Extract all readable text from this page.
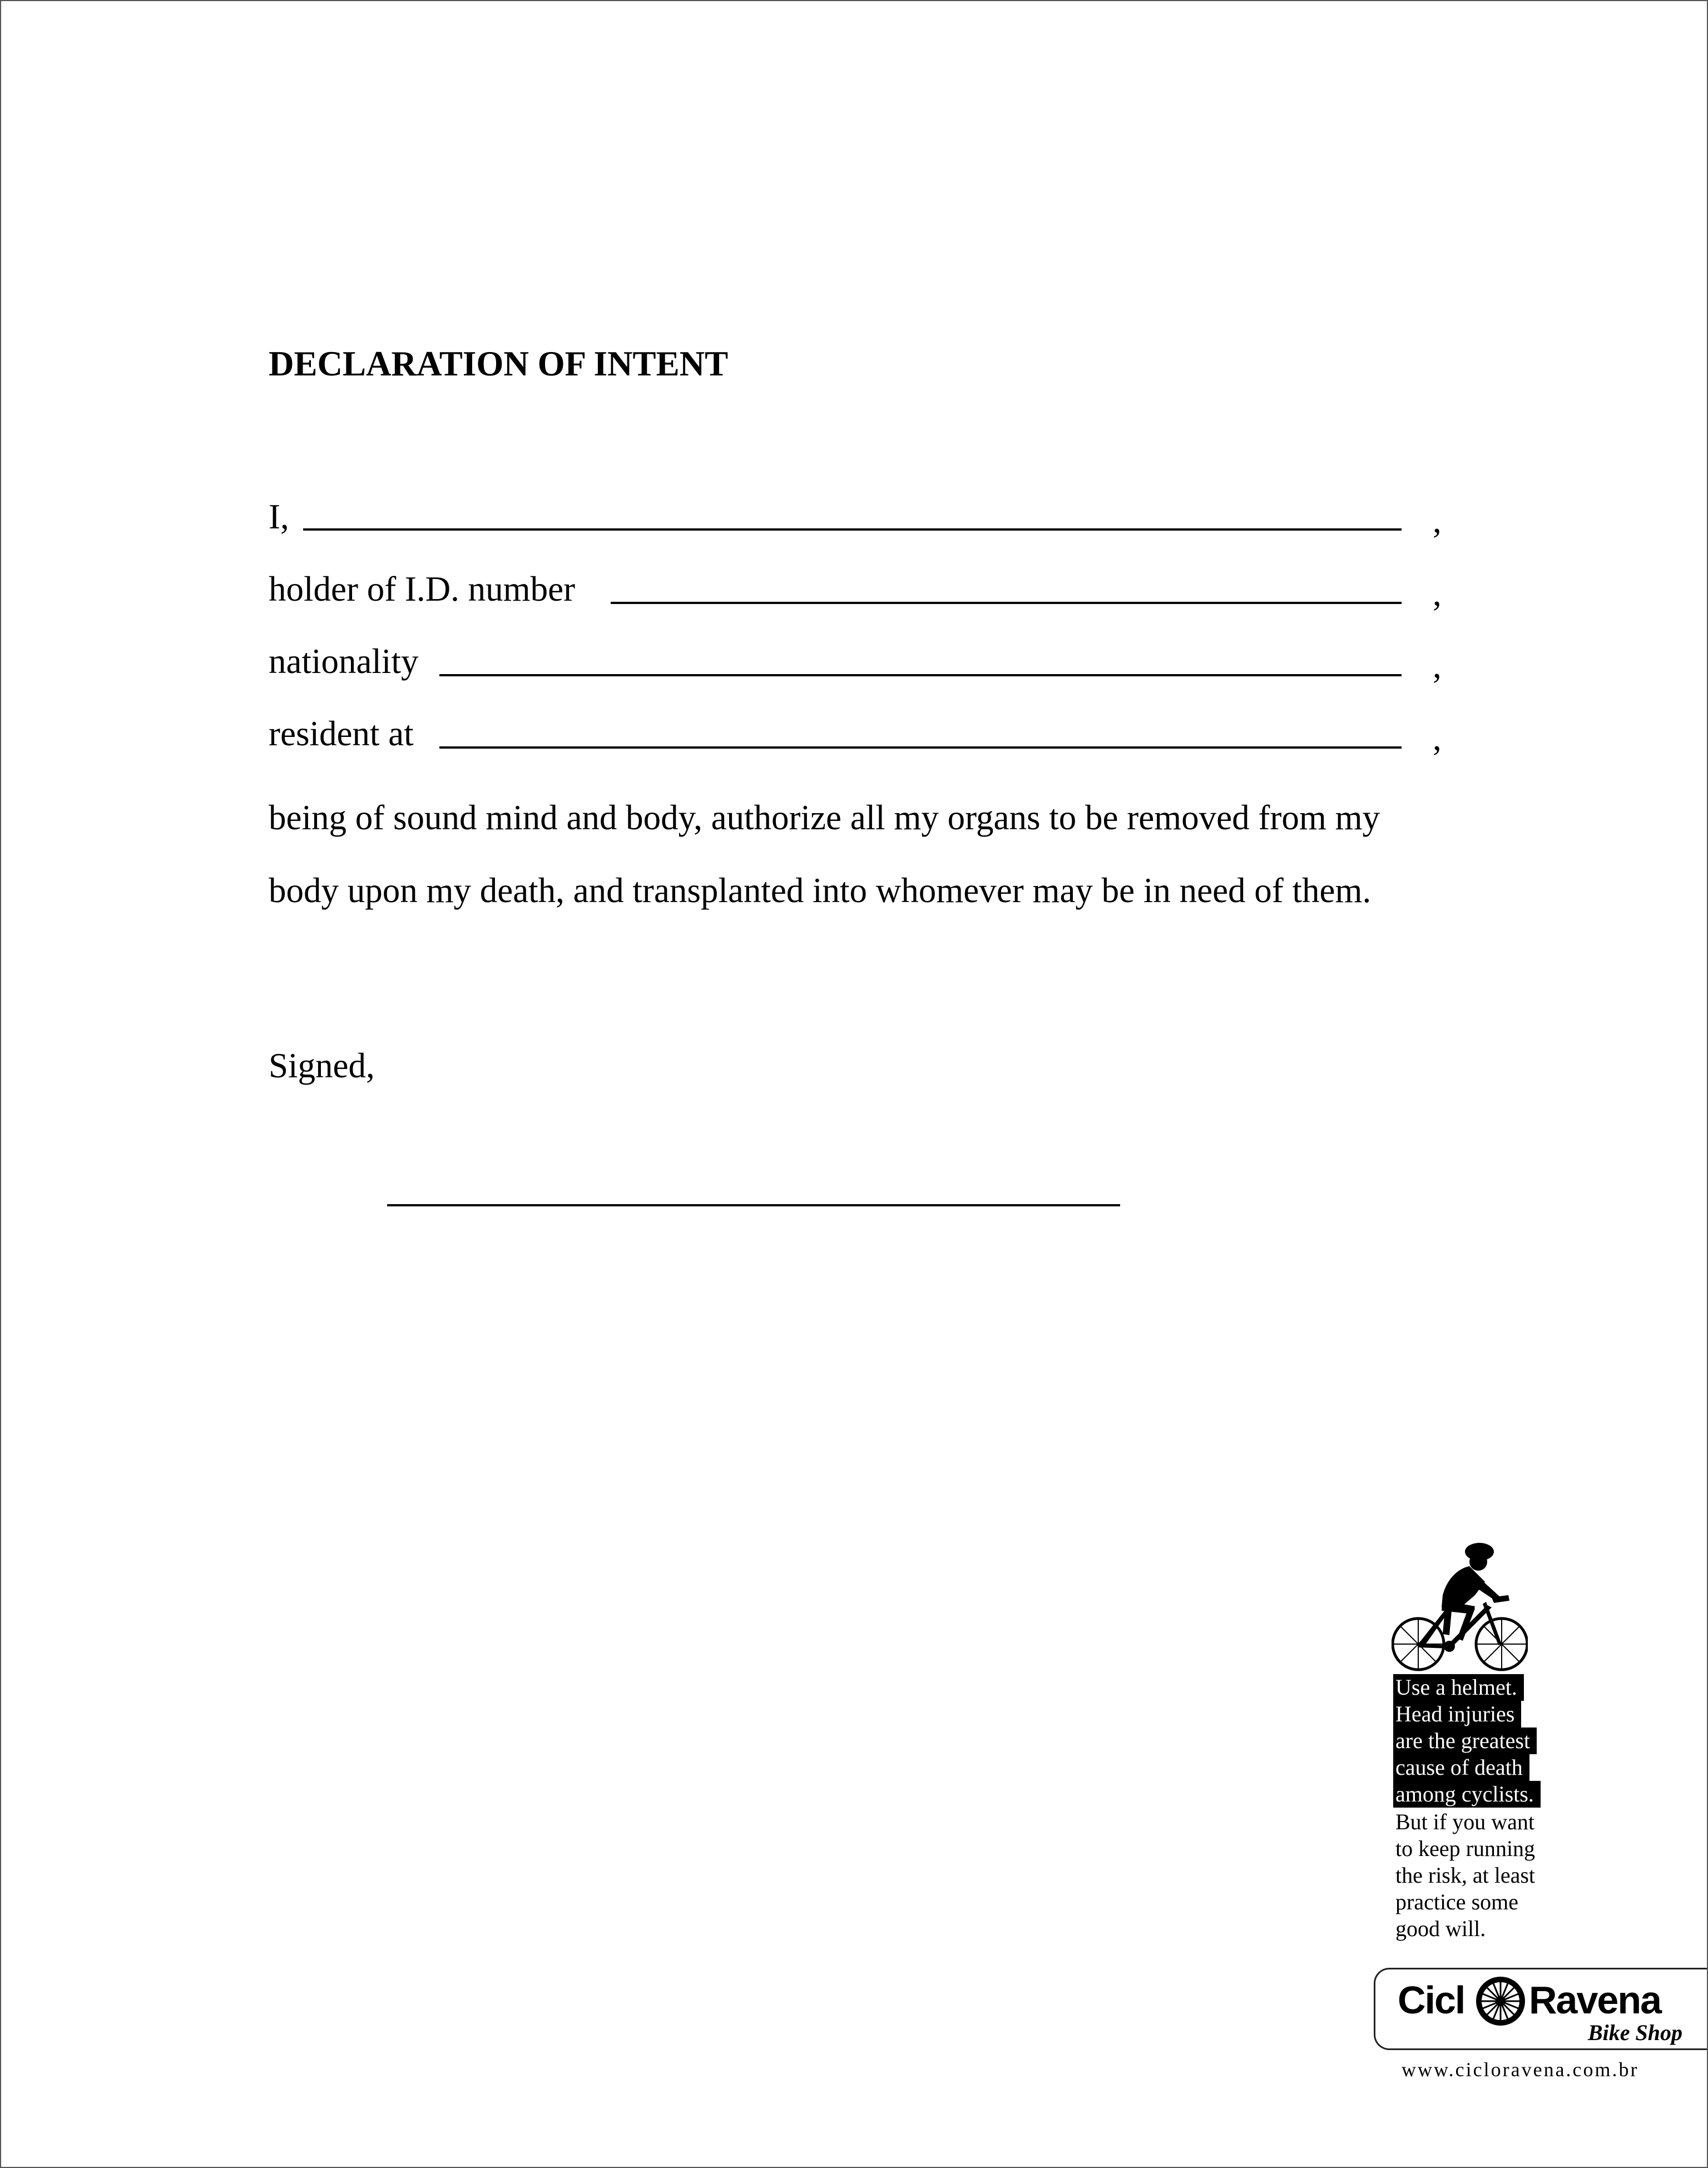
DECLARATION OF INTENT
I,	,
holder of I.D. number	,
nationality	,
resident at	,

being of sound mind and body, authorize all my organs to be removed from my
body upon my death, and transplanted into whomever may be in need of them.

Signed,
Use a helmet.
Head injuries
are the greatest
cause of death
among cyclists.
But if you want
to keep running
the risk, at least
practice some
good will.
Cicl Ravena
Bike Shop
www.cicloravena.com.br
